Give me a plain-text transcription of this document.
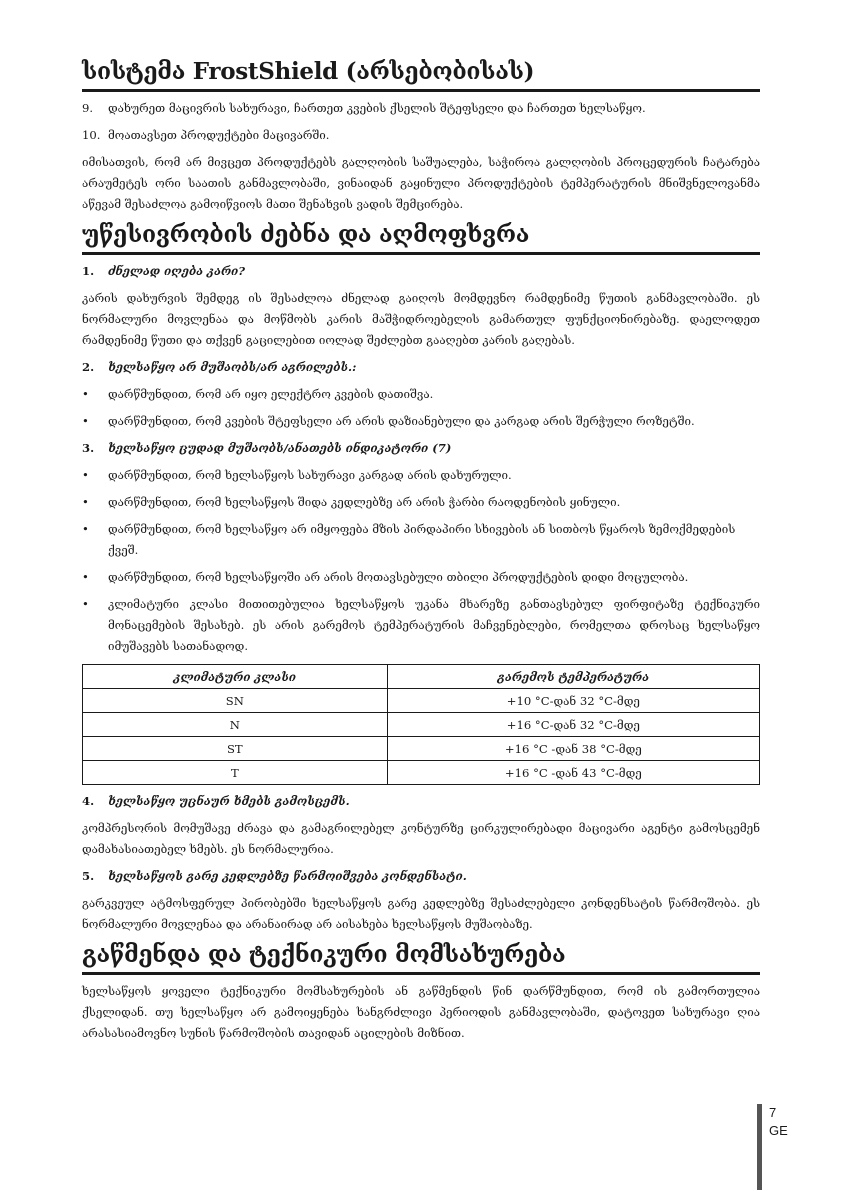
სისტემა FrostShield (არსებობისას)
9.	დახურეთ მაცივრის სახურავი, ჩართეთ კვების ქსელის შტეფსელი და ჩართეთ ხელსაწყო.
10. მოათავსეთ პროდუქტები მაცივარში.

იმისათვის, რომ არ მივცეთ პროდუქტებს გალღობის საშუალება, საჭიროა გალღობის პროცედურის ჩატარება არაუმეტეს ორი საათის განმავლობაში, ვინაიდან გაყინული პროდუქტების ტემპერატურის მნიშვნელოვანმა აწევამ შესაძლოა გამოიწვიოს მათი შენახვის ვადის შემცირება.

უწესივრობის ძებნა და აღმოფხვრა
1.	ძნელად იღება კარი?

კარის დახურვის შემდეგ ის შესაძლოა ძნელად გაიღოს მომდევნო რამდენიმე წუთის განმავლობაში. ეს ნორმალური მოვლენაა და მოწმობს კარის მაშჭიდროებელის გამართულ ფუნქციონირებაზე. დაელოდეთ რამდენიმე წუთი და თქვენ გაცილებით იოლად შეძლებთ გააღებთ კარის გაღებას.

2.	ხელსაწყო არ მუშაობს/არ აგრილებს.:
•	დარწმუნდით, რომ არ იყო ელექტრო კვების დათიშვა.
•	დარწმუნდით, რომ კვების შტეფსელი არ არის დაზიანებული და კარგად არის შერჭული როზეტში.
3.	ხელსაწყო ცუდად მუშაობს/ანათებს ინდიკატორი (7)
•	დარწმუნდით, რომ ხელსაწყოს სახურავი კარგად არის დახურული.
•	დარწმუნდით, რომ ხელსაწყოს შიდა კედლებზე არ არის ჭარბი რაოდენობის ყინული.
•	დარწმუნდით, რომ ხელსაწყო არ იმყოფება მზის პირდაპირი სხივების ან სითბოს წყაროს ზემოქმედების ქვეშ.
•	დარწმუნდით, რომ ხელსაწყოში არ არის მოთავსებული თბილი პროდუქტების დიდი მოცულობა.
•	კლიმატური კლასი მითითებულია ხელსაწყოს უკანა მხარეზე განთავსებულ ფირფიტაზე ტექნიკური მონაცემების შესახებ. ეს არის გარემოს ტემპერატურის მაჩვენებლები, რომელთა დროსაც ხელსაწყო იმუშავებს სათანადოდ.
კლიმატური კლასი	გარემოს ტემპერატურა
SN	+10 °C-დან 32 °C-მდე
N	+16 °C-დან 32 °C-მდე
ST	+16 °C -დან 38 °C-მდე
T	+16 °C -დან 43 °C-მდე
4.	ხელსაწყო უცნაურ ხმებს გამოსცემს.

კომპრესორის მომუშავე ძრავა და გამაგრილებელ კონტურზე ცირკულირებადი მაცივარი აგენტი გამოსცემენ დამახასიათებელ ხმებს. ეს ნორმალურია.

5.	ხელსაწყოს გარე კედლებზე წარმოიშვება კონდენსატი.

გარკვეულ ატმოსფერულ პირობებში ხელსაწყოს გარე კედლებზე შესაძლებელი კონდენსატის წარმოშობა. ეს ნორმალური მოვლენაა და არანაირად არ აისახება ხელსაწყოს მუშაობაზე.

გაწმენდა და ტექნიკური მომსახურება

ხელსაწყოს ყოველი ტექნიკური მომსახურების ან გაწმენდის წინ დარწმუნდით, რომ ის გამორთულია ქსელიდან. თუ ხელსაწყო არ გამოიყენება ხანგრძლივი პერიოდის განმავლობაში, დატოვეთ სახურავი ღია არასასიამოვნო სუნის წარმოშობის თავიდან აცილების მიზნით.

7
GE
